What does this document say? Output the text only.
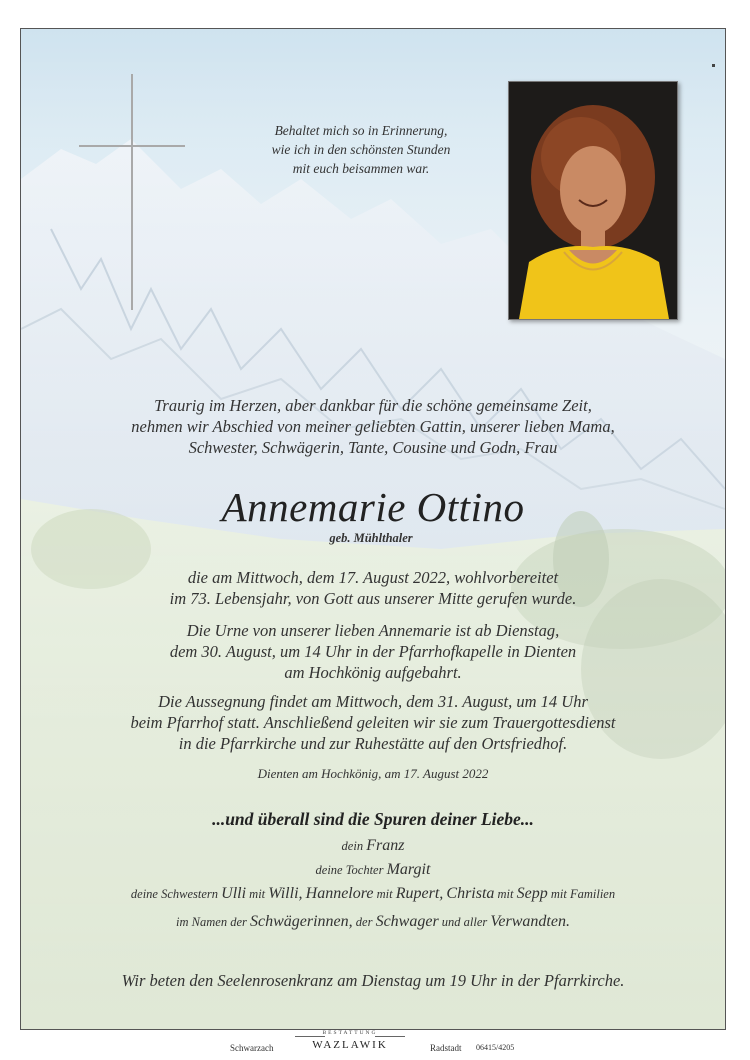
Behaltet mich so in Erinnerung,
wie ich in den schönsten Stunden
mit euch beisammen war.
Traurig im Herzen, aber dankbar für die schöne gemeinsame Zeit,
nehmen wir Abschied von meiner geliebten Gattin, unserer lieben Mama,
Schwester, Schwägerin, Tante, Cousine und Godn, Frau
Annemarie Ottino
geb. Mühlthaler
die am Mittwoch, dem 17. August 2022, wohlvorbereitet
im 73. Lebensjahr, von Gott aus unserer Mitte gerufen wurde.
Die Urne von unserer lieben Annemarie ist ab Dienstag,
dem 30. August, um 14 Uhr in der Pfarrhofkapelle in Dienten
am Hochkönig aufgebahrt.
Die Aussegnung findet am Mittwoch, dem 31. August, um 14 Uhr
beim Pfarrhof statt. Anschließend geleiten wir sie zum Trauergottesdienst
in die Pfarrkirche und zur Ruhestätte auf den Ortsfriedhof.
Dienten am Hochkönig, am 17. August 2022
...und überall sind die Spuren deiner Liebe...
dein Franz
deine Tochter Margit
deine Schwestern Ulli mit Willi, Hannelore mit Rupert, Christa mit Sepp mit Familien
im Namen der Schwägerinnen, der Schwager und aller Verwandten.
Wir beten den Seelenrosenkranz am Dienstag um 19 Uhr in der Pfarrkirche.
Schwarzach
BESTATTUNG
WAZLAWIK	Radstadt 06415/4205
